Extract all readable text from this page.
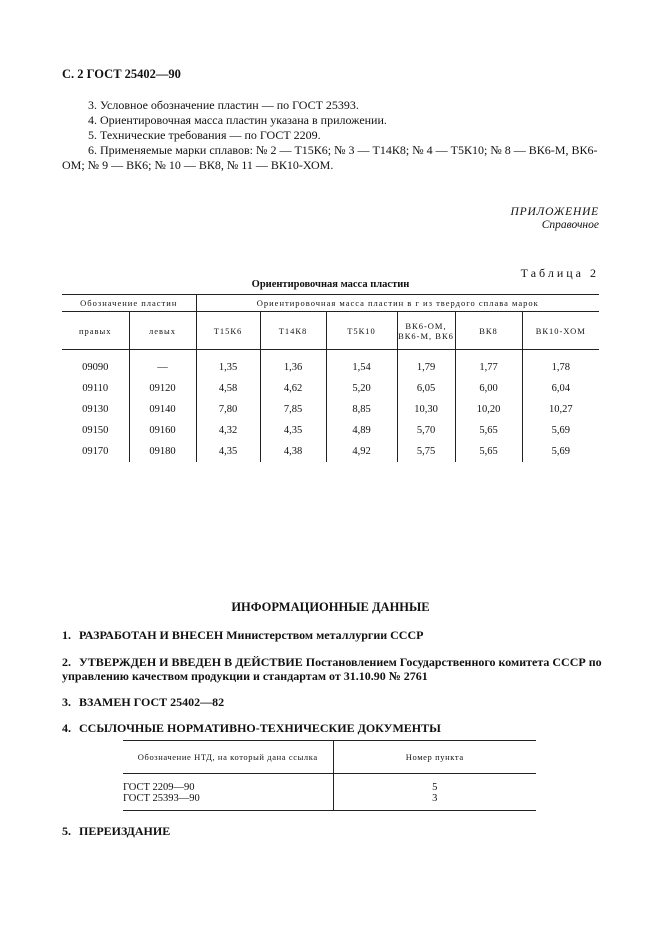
С. 2 ГОСТ 25402—90

3. Условное обозначение пластин — по ГОСТ 25393.

4. Ориентировочная масса пластин указана в приложении.

5. Технические требования — по ГОСТ 2209.

6. Применяемые марки сплавов: № 2 — Т15К6; № 3 — Т14К8; № 4 — Т5К10; № 8 — ВК6-М, ВК6-ОМ; № 9 — ВК6; № 10 — ВК8, № 11 — ВК10-ХОМ.

ПРИЛОЖЕНИЕ
Справочное
Таблица 2
Ориентировочная масса пластин
Обозначение пластин		Ориентировочная масса пластин в г из твердого сплава марок					
правых	левых	Т15К6	Т14К8	Т5К10	ВК6-ОМ, ВК6-М, ВК6	ВК8	ВК10-ХОМ

09090	—	1,35	1,36	1,54	1,79	1,77	1,78
09110	09120	4,58	4,62	5,20	6,05	6,00	6,04
09130	09140	7,80	7,85	8,85	10,30	10,20	10,27
09150	09160	4,32	4,35	4,89	5,70	5,65	5,69
09170	09180	4,35	4,38	4,92	5,75	5,65	5,69
ИНФОРМАЦИОННЫЕ ДАННЫЕ
1. РАЗРАБОТАН И ВНЕСЕН Министерством металлургии СССР
2. УТВЕРЖДЕН И ВВЕДЕН В ДЕЙСТВИЕ Постановлением Государственного комитета СССР по управлению качеством продукции и стандартам от 31.10.90 № 2761
3. ВЗАМЕН ГОСТ 25402—82
4. ССЫЛОЧНЫЕ НОРМАТИВНО-ТЕХНИЧЕСКИЕ ДОКУМЕНТЫ
Обозначение НТД, на который дана ссылка	Номер пункта

ГОСТ 2209—90	5
ГОСТ 25393—90	3

5. ПЕРЕИЗДАНИЕ
